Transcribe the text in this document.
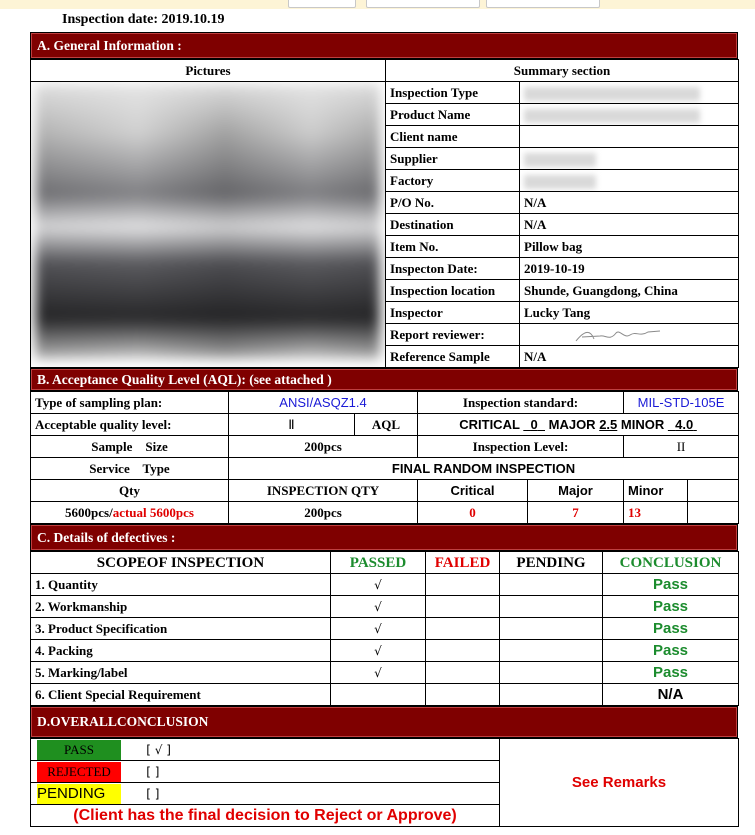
Inspection date: 2019.10.19
A. General Information :
Pictures	Summary section	

	Inspection Type	
	Product Name	
	Client name	
	Supplier	
	Factory	
	P/O No.	N/A
	Destination	N/A
	Item No.	Pillow bag
	Inspecton Date:	2019-10-19
	Inspection location	Shunde, Guangdong, China
	Inspector	Lucky Tang
	Report reviewer:	
	Reference Sample	N/A
B. Acceptance Quality Level (AQL): (see attached )
Type of sampling plan:	ANSI/ASQZ1.4		Inspection standard:		MIL-STD-105E	
Acceptable quality level:	Ⅱ	AQL	CRITICAL 0 MAJOR 2.5 MINOR 4.0			
Sample    Size	200pcs		Inspection Level:		II	
Service    Type	FINAL RANDOM INSPECTION					
Qty	INSPECTION QTY		Critical	Major	Minor	
5600pcs/actual 5600pcs	200pcs		0	7	13	
C. Details of defectives :
SCOPEOF INSPECTION	PASSED	FAILED	PENDING	CONCLUSION
1. Quantity	√			Pass
2. Workmanship	√			Pass
3. Product Specification	√			Pass
4. Packing	√			Pass
5. Marking/label	√			Pass
6. Client Special Requirement				N/A
D.OVERALLCONCLUSION
PASS	[ √ ]	See Remarks
REJECTED	[ ]
PENDING	[ ]
(Client has the final decision to Reject or Approve)
